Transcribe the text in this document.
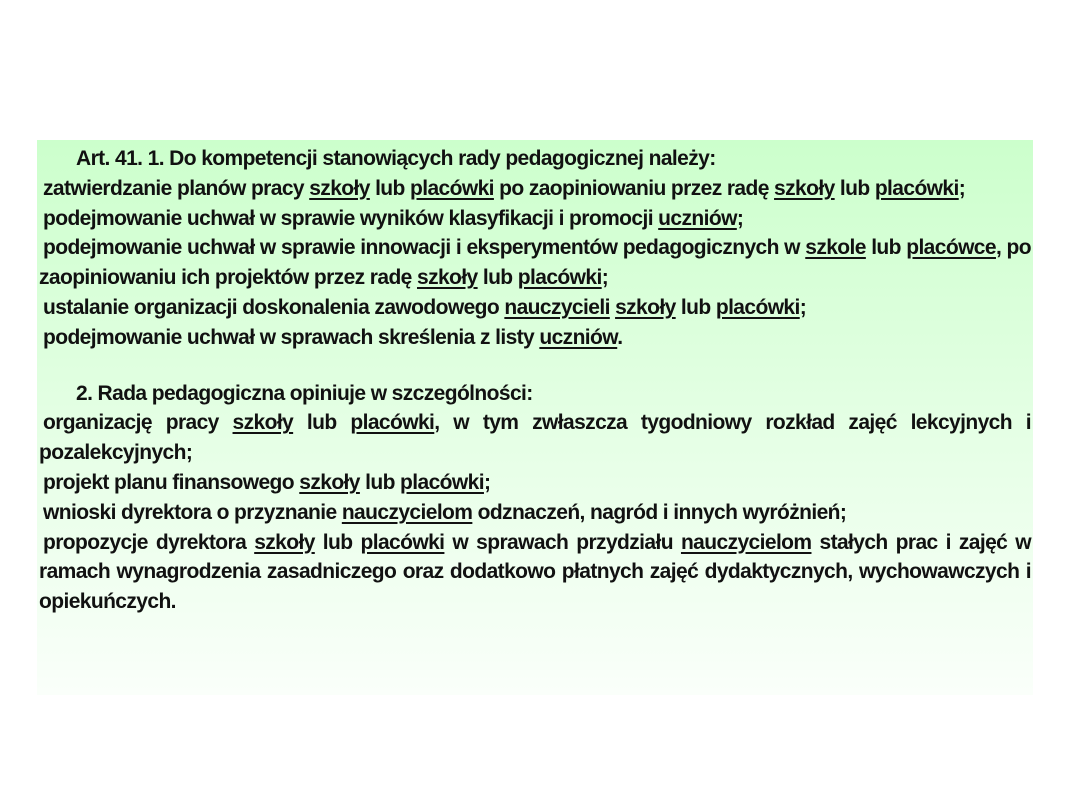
Art. 41. 1. Do kompetencji stanowiących rady pedagogicznej należy:

zatwierdzanie planów pracy szkoły lub placówki po zaopiniowaniu przez radę szkoły lub placówki;

podejmowanie uchwał w sprawie wyników klasyfikacji i promocji uczniów;

podejmowanie uchwał w sprawie innowacji i eksperymentów pedagogicznych w szkole lub placówce, po zaopiniowaniu ich projektów przez radę szkoły lub placówki;

ustalanie organizacji doskonalenia zawodowego nauczycieli szkoły lub placówki;

podejmowanie uchwał w sprawach skreślenia z listy uczniów.

2. Rada pedagogiczna opiniuje w szczególności:

organizację pracy szkoły lub placówki, w tym zwłaszcza tygodniowy rozkład zajęć lekcyjnych i pozalekcyjnych;

projekt planu finansowego szkoły lub placówki;

wnioski dyrektora o przyznanie nauczycielom odznaczeń, nagród i innych wyróżnień;

propozycje dyrektora szkoły lub placówki w sprawach przydziału nauczycielom stałych prac i zajęć w ramach wynagrodzenia zasadniczego oraz dodatkowo płatnych zajęć dydaktycznych, wychowawczych i opiekuńczych.
